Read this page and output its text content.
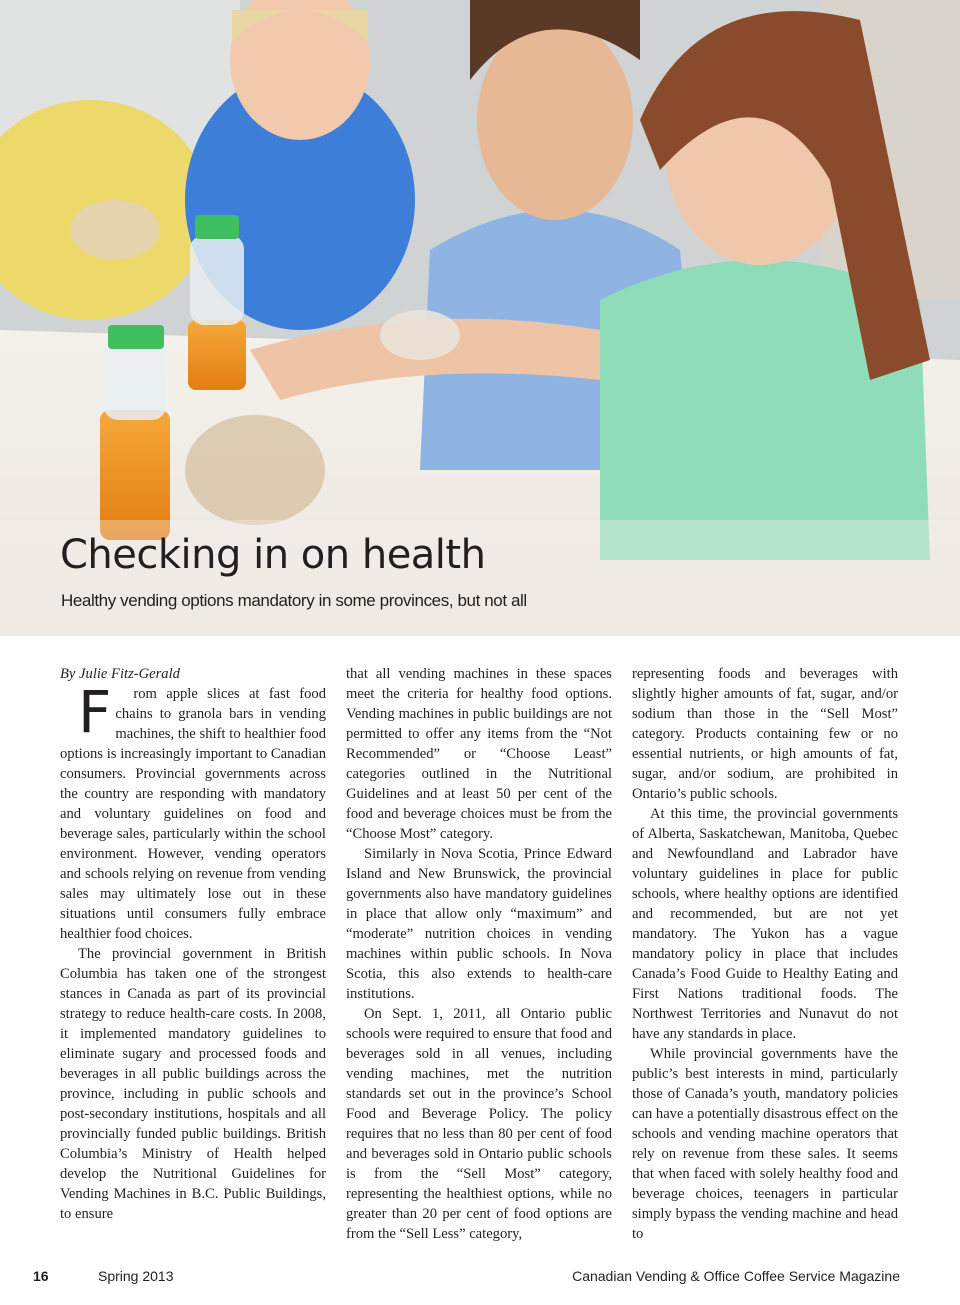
Checking in on health

Healthy vending options mandatory in some provinces, but not all

By Julie Fitz-Gerald

F rom apple slices at fast food chains to granola bars in vending machines, the shift to healthier food options is increasingly important to Canadian consumers. Provincial governments across the country are responding with mandatory and voluntary guidelines on food and beverage sales, particularly within the school environment. However, vending operators and schools relying on revenue from vending sales may ultimately lose out in these situations until consumers fully embrace healthier food choices.

The provincial government in British Columbia has taken one of the strongest stances in Canada as part of its provincial strategy to reduce health-care costs. In 2008, it implemented mandatory guidelines to eliminate sugary and processed foods and beverages in all public buildings across the province, including in public schools and post-secondary institutions, hospitals and all provincially funded public buildings. British Columbia’s Ministry of Health helped develop the Nutritional Guidelines for Vending Machines in B.C. Public Buildings, to ensure

that all vending machines in these spaces meet the criteria for healthy food options. Vending machines in public buildings are not permitted to offer any items from the “Not Recommended” or “Choose Least” categories outlined in the Nutritional Guidelines and at least 50 per cent of the food and beverage choices must be from the “Choose Most” category.

Similarly in Nova Scotia, Prince Edward Island and New Brunswick, the provincial governments also have mandatory guidelines in place that allow only “maximum” and “moderate” nutrition choices in vending machines within public schools. In Nova Scotia, this also extends to health-care institutions.

On Sept. 1, 2011, all Ontario public schools were required to ensure that food and beverages sold in all venues, including vending machines, met the nutrition standards set out in the province’s School Food and Beverage Policy. The policy requires that no less than 80 per cent of food and beverages sold in Ontario public schools is from the “Sell Most” category, representing the healthiest options, while no greater than 20 per cent of food options are from the “Sell Less” category,

representing foods and beverages with slightly higher amounts of fat, sugar, and/or sodium than those in the “Sell Most” category. Products containing few or no essential nutrients, or high amounts of fat, sugar, and/or sodium, are prohibited in Ontario’s public schools.

At this time, the provincial governments of Alberta, Saskatchewan, Manitoba, Quebec and Newfoundland and Labrador have voluntary guidelines in place for public schools, where healthy options are identified and recommended, but are not yet mandatory. The Yukon has a vague mandatory policy in place that includes Canada’s Food Guide to Healthy Eating and First Nations traditional foods. The Northwest Territories and Nunavut do not have any standards in place.

While provincial governments have the public’s best interests in mind, particularly those of Canada’s youth, mandatory policies can have a potentially disastrous effect on the schools and vending machine operators that rely on revenue from these sales. It seems that when faced with solely healthy food and beverage choices, teenagers in particular simply bypass the vending machine and head to

16	Spring 2013	Canadian Vending & Office Coffee Service Magazine
